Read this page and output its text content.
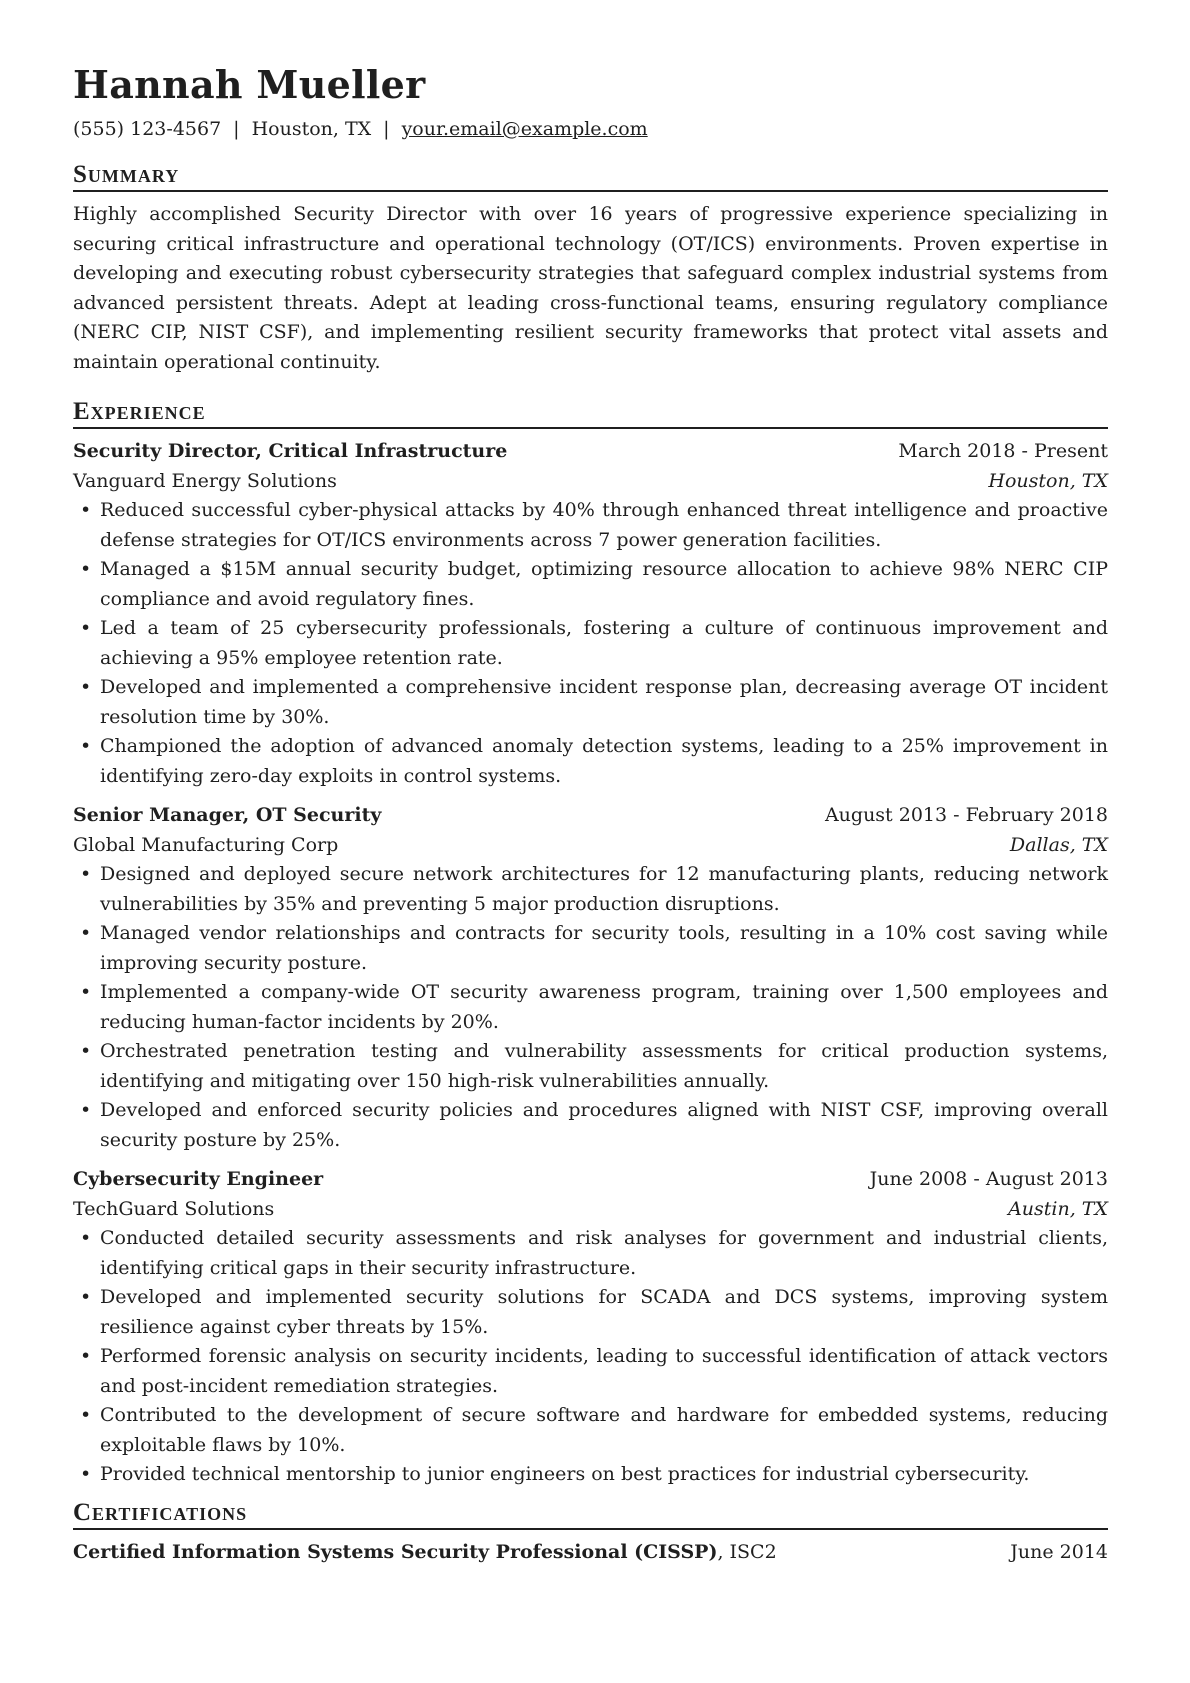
Hannah Mueller
(555) 123-4567 | Houston, TX | your.email@example.com
Summary
Highly accomplished Security Director with over 16 years of progressive experience specializing in securing critical infrastructure and operational technology (OT/ICS) environments. Proven expertise in developing and executing robust cybersecurity strategies that safeguard complex industrial systems from advanced persistent threats. Adept at leading cross-functional teams, ensuring regulatory compliance (NERC CIP, NIST CSF), and implementing resilient security frameworks that protect vital assets and maintain operational continuity.
Experience
Security Director, Critical Infrastructure	March 2018 - Present
Vanguard Energy Solutions	Houston, TX
• Reduced successful cyber-physical attacks by 40% through enhanced threat intelligence and proactive defense strategies for OT/ICS environments across 7 power generation facilities.
• Managed a $15M annual security budget, optimizing resource allocation to achieve 98% NERC CIP compliance and avoid regulatory fines.
• Led a team of 25 cybersecurity professionals, fostering a culture of continuous improvement and achieving a 95% employee retention rate.
• Developed and implemented a comprehensive incident response plan, decreasing average OT incident resolution time by 30%.
• Championed the adoption of advanced anomaly detection systems, leading to a 25% improvement in identifying zero-day exploits in control systems.
Senior Manager, OT Security	August 2013 - February 2018
Global Manufacturing Corp	Dallas, TX
• Designed and deployed secure network architectures for 12 manufacturing plants, reducing network vulnerabilities by 35% and preventing 5 major production disruptions.
• Managed vendor relationships and contracts for security tools, resulting in a 10% cost saving while improving security posture.
• Implemented a company-wide OT security awareness program, training over 1,500 employees and reducing human-factor incidents by 20%.
• Orchestrated penetration testing and vulnerability assessments for critical production systems, identifying and mitigating over 150 high-risk vulnerabilities annually.
• Developed and enforced security policies and procedures aligned with NIST CSF, improving overall security posture by 25%.
Cybersecurity Engineer	June 2008 - August 2013
TechGuard Solutions	Austin, TX
• Conducted detailed security assessments and risk analyses for government and industrial clients, identifying critical gaps in their security infrastructure.
• Developed and implemented security solutions for SCADA and DCS systems, improving system resilience against cyber threats by 15%.
• Performed forensic analysis on security incidents, leading to successful identification of attack vectors and post-incident remediation strategies.
• Contributed to the development of secure software and hardware for embedded systems, reducing exploitable flaws by 10%.
• Provided technical mentorship to junior engineers on best practices for industrial cybersecurity.
Certifications
Certified Information Systems Security Professional (CISSP), ISC2	June 2014
